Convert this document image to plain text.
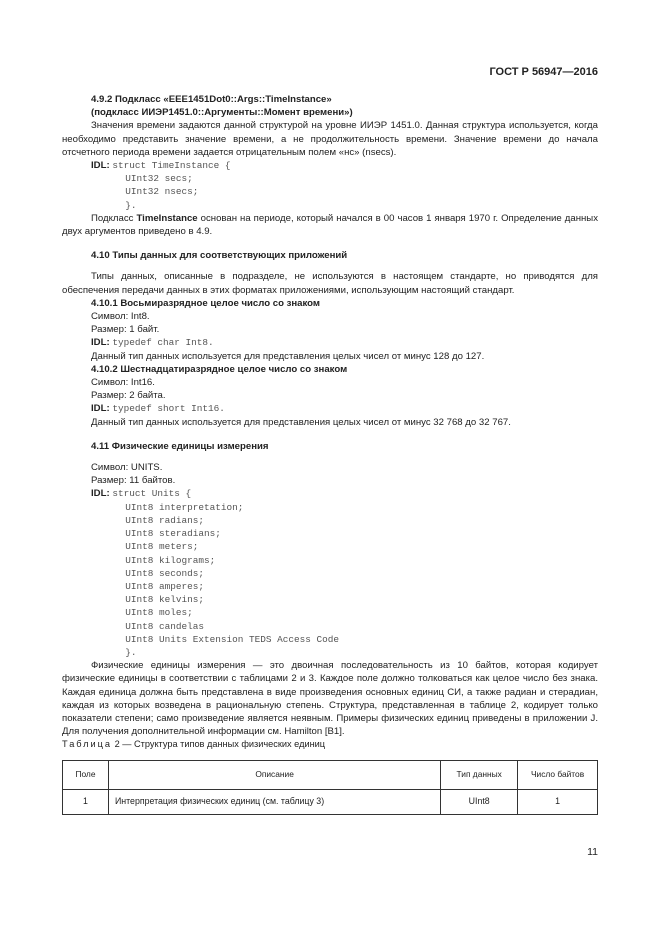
ГОСТ Р 56947—2016

4.9.2 Подкласс «EEE1451Dot0::Args::TimeInstance»

(подкласс ИИЭР1451.0::Аргументы::Момент времени»)

Значения времени задаются данной структурой на уровне ИИЭР 1451.0. Данная структура используется, когда необходимо представить значение времени, а не продолжительность времени. Значение времени до начала отсчетного периода времени задается отрицательным полем «нс» (nsecs).

IDL: struct TimeInstance {
UInt32 secs;
UInt32 nsecs;
}.

Подкласс TimeInstance основан на периоде, который начался в 00 часов 1 января 1970 г. Определение данных двух аргументов приведено в 4.9.

4.10 Типы данных для соответствующих приложений

Типы данных, описанные в подразделе, не используются в настоящем стандарте, но приводятся для обеспечения передачи данных в этих форматах приложениями, использующим настоящий стандарт.

4.10.1 Восьмиразрядное целое число со знаком

Символ: Int8.

Размер: 1 байт.

IDL: typedef char Int8.

Данный тип данных используется для представления целых чисел от минус 128 до 127.

4.10.2 Шестнадцатиразрядное целое число со знаком

Символ: Int16.

Размер: 2 байта.

IDL: typedef short Int16.

Данный тип данных используется для представления целых чисел от минус 32 768 до 32 767.

4.11 Физические единицы измерения

Символ: UNITS.

Размер: 11 байтов.

IDL: struct Units {
UInt8 interpretation;
UInt8 radians;
UInt8 steradians;
UInt8 meters;
UInt8 kilograms;
UInt8 seconds;
UInt8 amperes;
UInt8 kelvins;
UInt8 moles;
UInt8 candelas
UInt8 Units Extension TEDS Access Code
}.

Физические единицы измерения — это двоичная последовательность из 10 байтов, которая кодирует физические единицы в соответствии с таблицами 2 и 3. Каждое поле должно толковаться как целое число без знака. Каждая единица должна быть представлена в виде произведения основных единиц СИ, а также радиан и стерадиан, каждая из которых возведена в рациональную степень. Структура, представленная в таблице 2, кодирует только показатели степени; само произведение является неявным. Примеры физических единиц приведены в приложении J. Для получения дополнительной информации см. Hamilton [B1].

Таблица 2 — Структура типов данных физических единиц

Поле	Описание	Тип данных	Число байтов
1	Интерпретация физических единиц (см. таблицу 3)	UInt8	1
11
